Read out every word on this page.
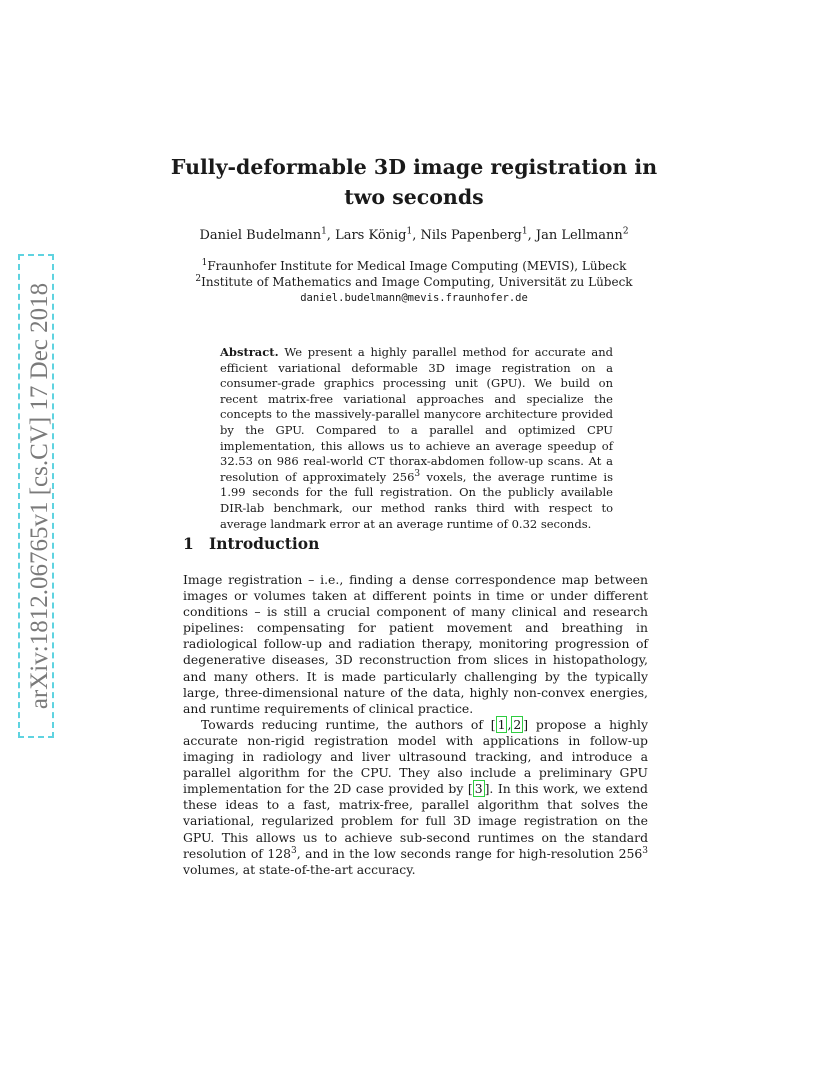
arXiv:1812.06765v1 [cs.CV] 17 Dec 2018
Fully-deformable 3D image registration in two seconds
Daniel Budelmann$^1$, Lars König$^1$, Nils Papenberg$^1$, Jan Lellmann$^2$
$^1$Fraunhofer Institute for Medical Image Computing (MEVIS), Lübeck
$^2$Institute of Mathematics and Image Computing, Universität zu Lübeck
daniel.budelmann@mevis.fraunhofer.de
Abstract. We present a highly parallel method for accurate and efficient variational deformable 3D image registration on a consumer-grade graphics processing unit (GPU). We build on recent matrix-free variational approaches and specialize the concepts to the massively-parallel manycore architecture provided by the GPU. Compared to a parallel and optimized CPU implementation, this allows us to achieve an average speedup of 32.53 on 986 real-world CT thorax-abdomen follow-up scans. At a resolution of approximately $256^3$ voxels, the average runtime is 1.99 seconds for the full registration. On the publicly available DIR-lab benchmark, our method ranks third with respect to average landmark error at an average runtime of 0.32 seconds.
1 Introduction

Image registration – i.e., finding a dense correspondence map between images or volumes taken at different points in time or under different conditions – is still a crucial component of many clinical and research pipelines: compensating for patient movement and breathing in radiological follow-up and radiation therapy, monitoring progression of degenerative diseases, 3D reconstruction from slices in histopathology, and many others. It is made particularly challenging by the typically large, three-dimensional nature of the data, highly non-convex energies, and runtime requirements of clinical practice.

Towards reducing runtime, the authors of [ 1 , 2 ] propose a highly accurate non-rigid registration model with applications in follow-up imaging in radiology and liver ultrasound tracking, and introduce a parallel algorithm for the CPU. They also include a preliminary GPU implementation for the 2D case provided by [ 3 ]. In this work, we extend these ideas to a fast, matrix-free, parallel algorithm that solves the variational, regularized problem for full 3D image registration on the GPU. This allows us to achieve sub-second runtimes on the standard resolution of $128^3$, and in the low seconds range for high-resolution $256^3$ volumes, at state-of-the-art accuracy.
